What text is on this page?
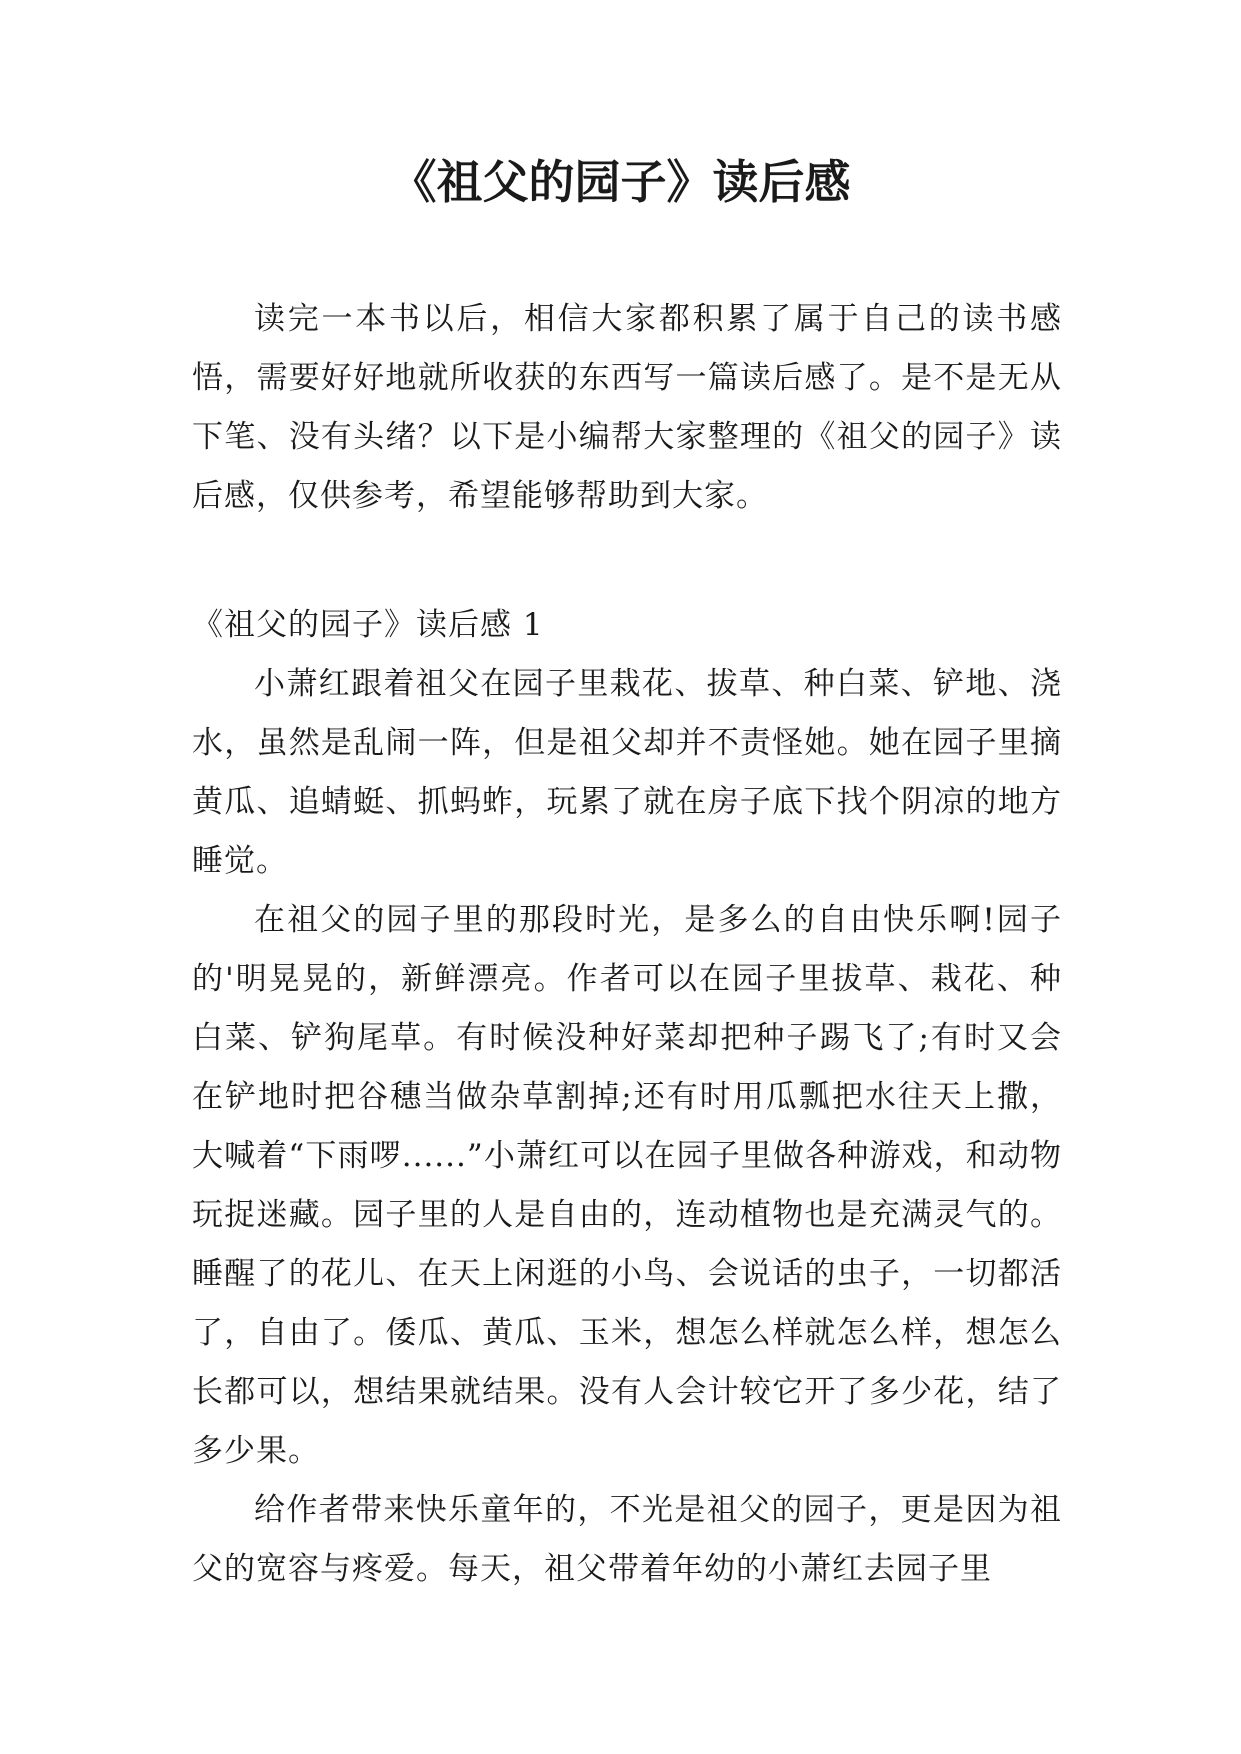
《祖父的园子》读后感

读完一本书以后，相信大家都积累了属于自己的读书感悟，需要好好地就所收获的东西写一篇读后感了。是不是无从下笔、没有头绪？以下是小编帮大家整理的《祖父的园子》读后感，仅供参考，希望能够帮助到大家。

《祖父的园子》读后感 1

小萧红跟着祖父在园子里栽花、拔草、种白菜、铲地、浇水，虽然是乱闹一阵，但是祖父却并不责怪她。她在园子里摘黄瓜、追蜻蜓、抓蚂蚱，玩累了就在房子底下找个阴凉的地方睡觉。

在祖父的园子里的那段时光，是多么的自由快乐啊!园子的'明晃晃的，新鲜漂亮。作者可以在园子里拔草、栽花、种白菜、铲狗尾草。有时候没种好菜却把种子踢飞了;有时又会在铲地时把谷穗当做杂草割掉;还有时用瓜瓢把水往天上撒，大喊着“下雨啰......”小萧红可以在园子里做各种游戏，和动物玩捉迷藏。园子里的人是自由的，连动植物也是充满灵气的。睡醒了的花儿、在天上闲逛的小鸟、会说话的虫子，一切都活了，自由了。倭瓜、黄瓜、玉米，想怎么样就怎么样，想怎么长都可以，想结果就结果。没有人会计较它开了多少花，结了多少果。

给作者带来快乐童年的，不光是祖父的园子，更是因为祖父的宽容与疼爱。每天，祖父带着年幼的小萧红去园子里
